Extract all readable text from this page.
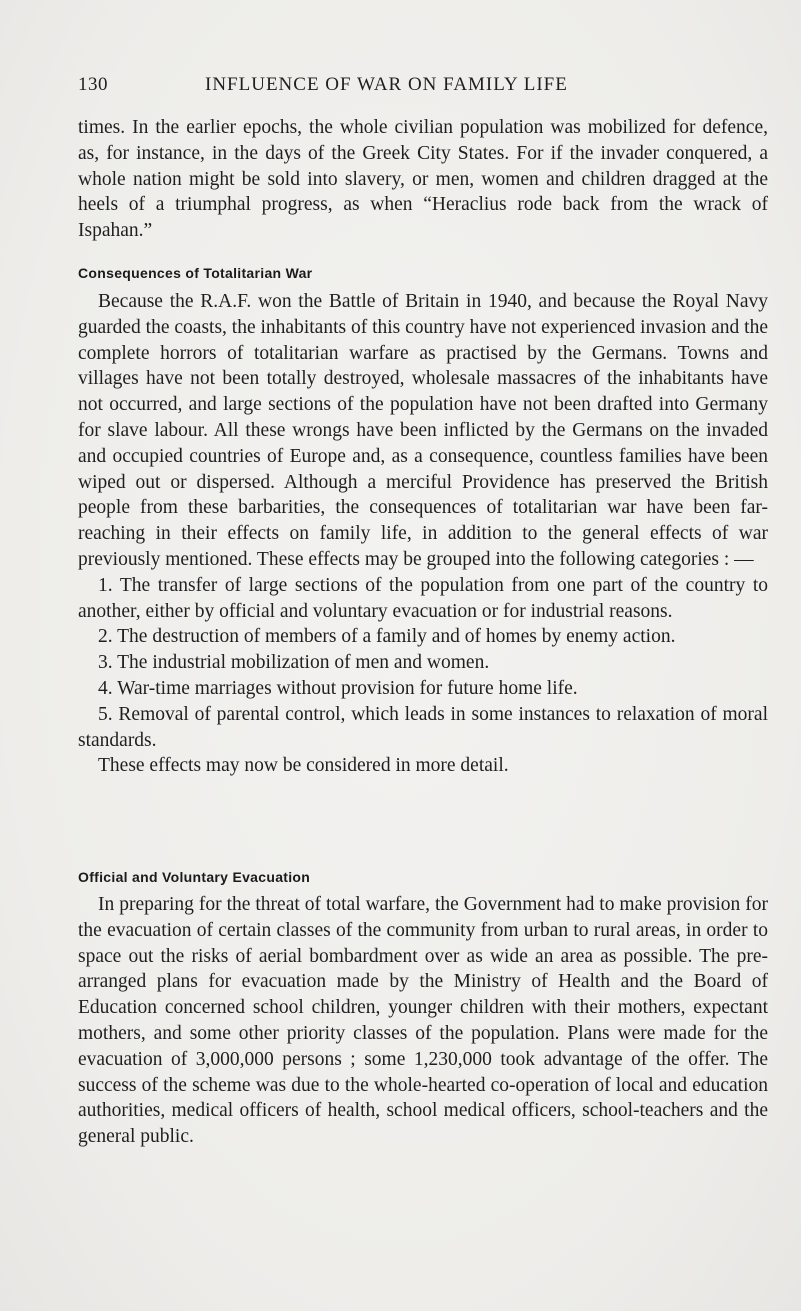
130	INFLUENCE OF WAR ON FAMILY LIFE

times. In the earlier epochs, the whole civilian population was mobilized for defence, as, for instance, in the days of the Greek City States. For if the invader conquered, a whole nation might be sold into slavery, or men, women and children dragged at the heels of a triumphal progress, as when “Heraclius rode back from the wrack of Ispahan.”

Consequences of Totalitarian War

Because the R.A.F. won the Battle of Britain in 1940, and because the Royal Navy guarded the coasts, the inhabitants of this country have not experienced invasion and the complete horrors of totalitarian warfare as practised by the Germans. Towns and villages have not been totally destroyed, wholesale massacres of the inhabitants have not occurred, and large sections of the population have not been drafted into Germany for slave labour. All these wrongs have been inflicted by the Germans on the invaded and occupied countries of Europe and, as a consequence, countless families have been wiped out or dispersed. Although a merciful Providence has preserved the British people from these barbarities, the consequences of totalitarian war have been far-reaching in their effects on family life, in addition to the general effects of war previously mentioned. These effects may be grouped into the following categories : —

1. The transfer of large sections of the population from one part of the country to another, either by official and voluntary evacuation or for industrial reasons.

2. The destruction of members of a family and of homes by enemy action.

3. The industrial mobilization of men and women.

4. War-time marriages without provision for future home life.

5. Removal of parental control, which leads in some instances to relaxation of moral standards.

These effects may now be considered in more detail.

Official and Voluntary Evacuation

In preparing for the threat of total warfare, the Government had to make provision for the evacuation of certain classes of the community from urban to rural areas, in order to space out the risks of aerial bombardment over as wide an area as possible. The pre-arranged plans for evacuation made by the Ministry of Health and the Board of Education concerned school children, younger children with their mothers, expectant mothers, and some other priority classes of the population. Plans were made for the evacuation of 3,000,000 persons ; some 1,230,000 took advantage of the offer. The success of the scheme was due to the whole-hearted co-operation of local and education authorities, medical officers of health, school medical officers, school-teachers and the general public.
